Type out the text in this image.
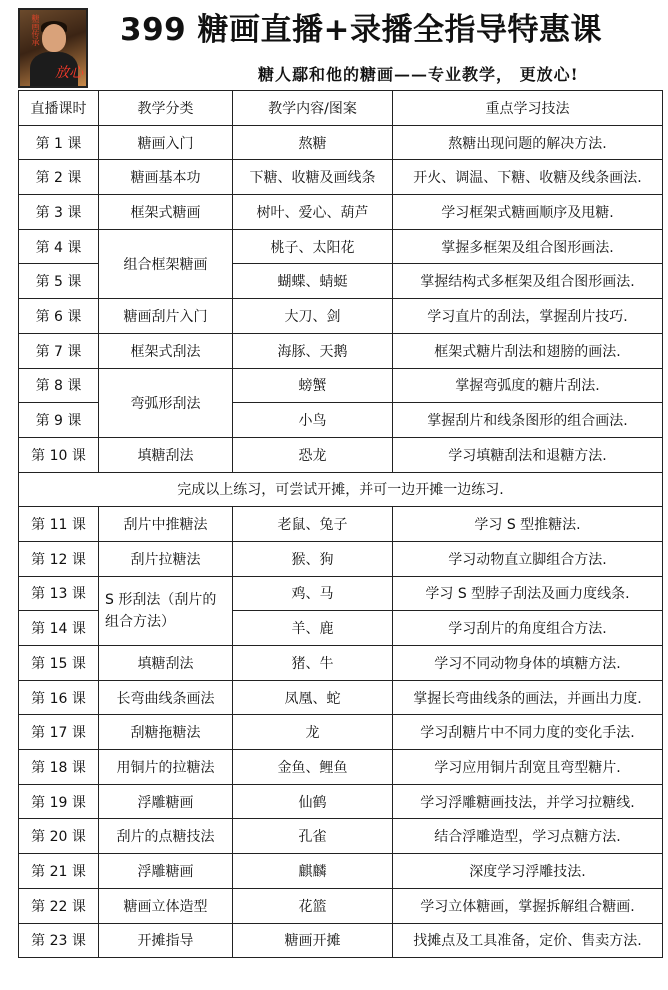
糖画传承
放心
399 糖画直播+录播全指导特惠课
糖人鄢和他的糖画——专业教学， 更放心!
直播课时	教学分类	教学内容/图案	重点学习技法
第 1 课	糖画入门	熬糖	熬糖出现问题的解决方法.
第 2 课	糖画基本功	下糖、收糖及画线条	开火、调温、下糖、收糖及线条画法.
第 3 课	框架式糖画	树叶、爱心、葫芦	学习框架式糖画顺序及甩糖.
第 4 课	组合框架糖画	桃子、太阳花	掌握多框架及组合图形画法.
第 5 课		蝴蝶、蜻蜓	掌握结构式多框架及组合图形画法.
第 6 课	糖画刮片入门	大刀、剑	学习直片的刮法，掌握刮片技巧.
第 7 课	框架式刮法	海豚、天鹅	框架式糖片刮法和翅膀的画法.
第 8 课	弯弧形刮法	螃蟹	掌握弯弧度的糖片刮法.
第 9 课		小鸟	掌握刮片和线条图形的组合画法.
第 10 课	填糖刮法	恐龙	学习填糖刮法和退糖方法.
完成以上练习，可尝试开摊，并可一边开摊一边练习.			
第 11 课	刮片中推糖法	老鼠、兔子	学习 S 型推糖法.
第 12 课	刮片拉糖法	猴、狗	学习动物直立脚组合方法.
第 13 课	S 形刮法（刮片的组合方法）	鸡、马	学习 S 型脖子刮法及画力度线条.
第 14 课		羊、鹿	学习刮片的角度组合方法.
第 15 课	填糖刮法	猪、牛	学习不同动物身体的填糖方法.
第 16 课	长弯曲线条画法	凤凰、蛇	掌握长弯曲线条的画法，并画出力度.
第 17 课	刮糖拖糖法	龙	学习刮糖片中不同力度的变化手法.
第 18 课	用铜片的拉糖法	金鱼、鲤鱼	学习应用铜片刮宽且弯型糖片.
第 19 课	浮雕糖画	仙鹤	学习浮雕糖画技法，并学习拉糖线.
第 20 课	刮片的点糖技法	孔雀	结合浮雕造型，学习点糖方法.
第 21 课	浮雕糖画	麒麟	深度学习浮雕技法.
第 22 课	糖画立体造型	花篮	学习立体糖画，掌握拆解组合糖画.
第 23 课	开摊指导	糖画开摊	找摊点及工具准备，定价、售卖方法.
